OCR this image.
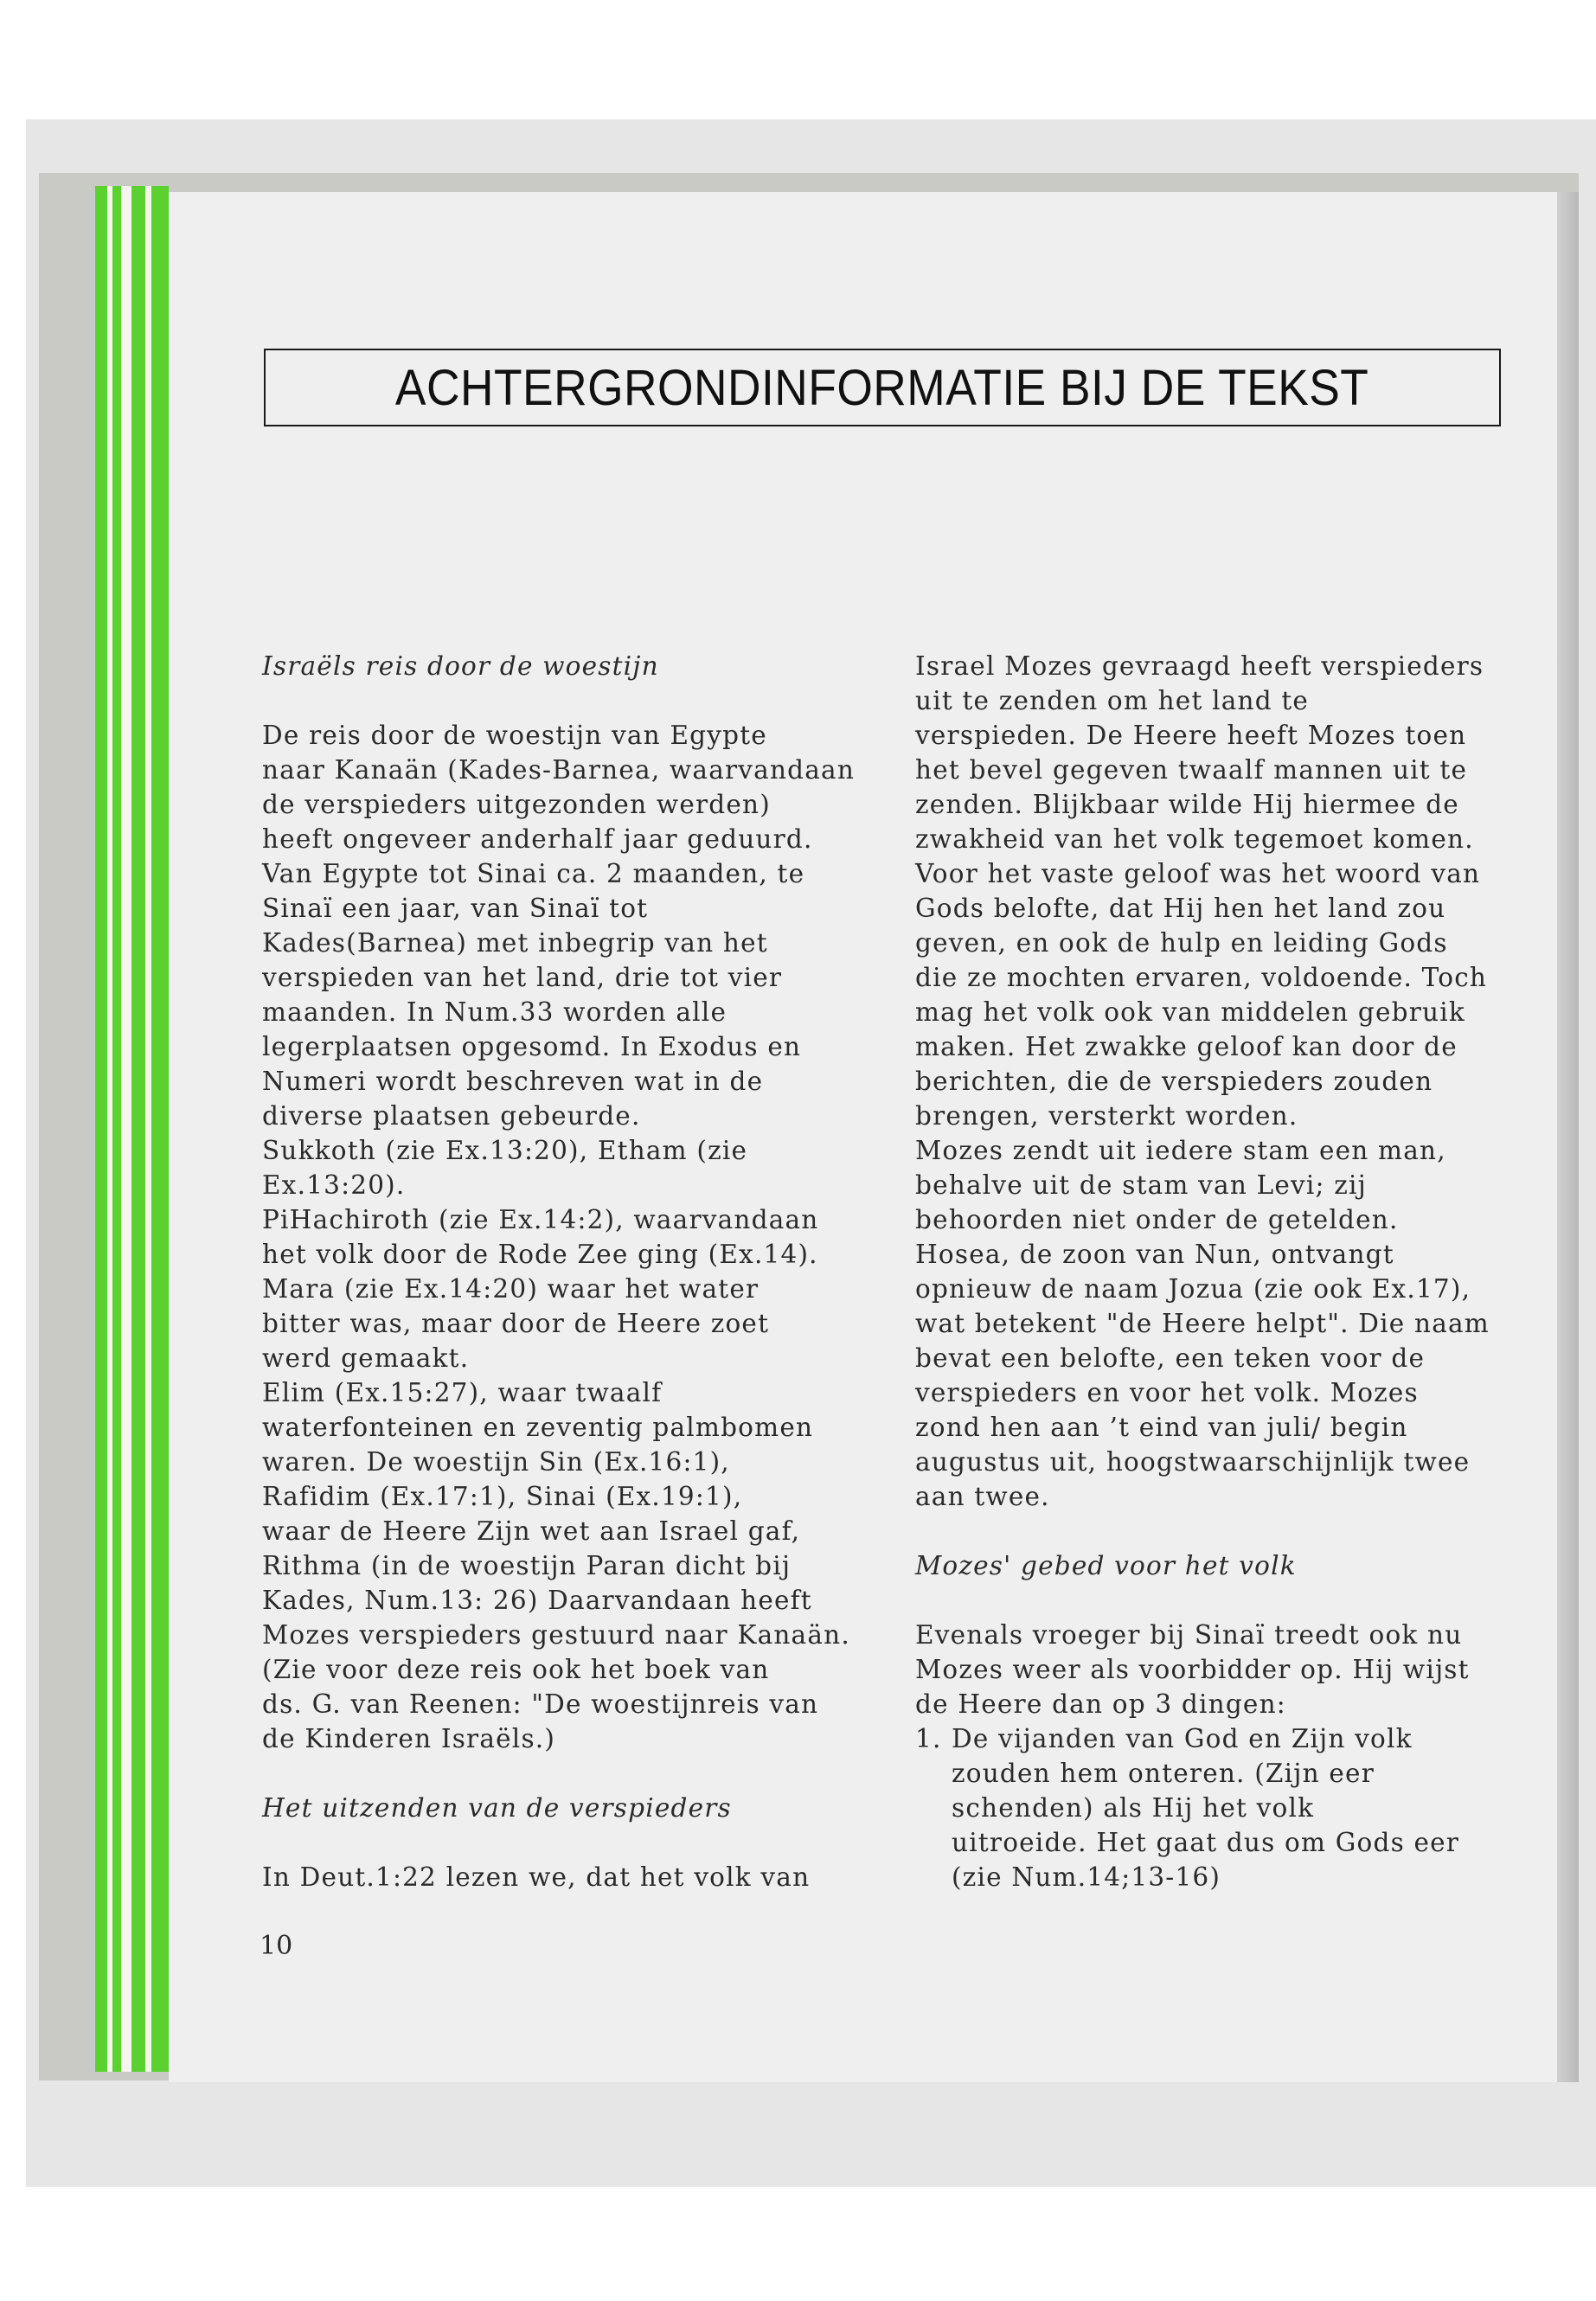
ACHTERGRONDINFORMATIE BIJ DE TEKST

Israëls reis door de woestijn

De reis door de woestijn van Egypte

naar Kanaän (Kades-Barnea, waarvandaan

de verspieders uitgezonden werden)

heeft ongeveer anderhalf jaar geduurd.

Van Egypte tot Sinai ca. 2 maanden, te

Sinaï een jaar, van Sinaï tot

Kades(Barnea) met inbegrip van het

verspieden van het land, drie tot vier

maanden. In Num.33 worden alle

legerplaatsen opgesomd. In Exodus en

Numeri wordt beschreven wat in de

diverse plaatsen gebeurde.

Sukkoth (zie Ex.13:20), Etham (zie

Ex.13:20).

PiHachiroth (zie Ex.14:2), waarvandaan

het volk door de Rode Zee ging (Ex.14).

Mara (zie Ex.14:20) waar het water

bitter was, maar door de Heere zoet

werd gemaakt.

Elim (Ex.15:27), waar twaalf

waterfonteinen en zeventig palmbomen

waren. De woestijn Sin (Ex.16:1),

Rafidim (Ex.17:1), Sinai (Ex.19:1),

waar de Heere Zijn wet aan Israel gaf,

Rithma (in de woestijn Paran dicht bij

Kades, Num.13: 26) Daarvandaan heeft

Mozes verspieders gestuurd naar Kanaän.

(Zie voor deze reis ook het boek van

ds. G. van Reenen: "De woestijnreis van

de Kinderen Israëls.)

Het uitzenden van de verspieders

In Deut.1:22 lezen we, dat het volk van

Israel Mozes gevraagd heeft verspieders

uit te zenden om het land te

verspieden. De Heere heeft Mozes toen

het bevel gegeven twaalf mannen uit te

zenden. Blijkbaar wilde Hij hiermee de

zwakheid van het volk tegemoet komen.

Voor het vaste geloof was het woord van

Gods belofte, dat Hij hen het land zou

geven, en ook de hulp en leiding Gods

die ze mochten ervaren, voldoende. Toch

mag het volk ook van middelen gebruik

maken. Het zwakke geloof kan door de

berichten, die de verspieders zouden

brengen, versterkt worden.

Mozes zendt uit iedere stam een man,

behalve uit de stam van Levi; zij

behoorden niet onder de getelden.

Hosea, de zoon van Nun, ontvangt

opnieuw de naam Jozua (zie ook Ex.17),

wat betekent "de Heere helpt". Die naam

bevat een belofte, een teken voor de

verspieders en voor het volk. Mozes

zond hen aan ’t eind van juli/ begin

augustus uit, hoogstwaarschijnlijk twee

aan twee.

Mozes' gebed voor het volk

Evenals vroeger bij Sinaï treedt ook nu

Mozes weer als voorbidder op. Hij wijst

de Heere dan op 3 dingen:

1. De vijanden van God en Zijn volk

zouden hem onteren. (Zijn eer

schenden) als Hij het volk

uitroeide. Het gaat dus om Gods eer

(zie Num.14;13-16)

10
